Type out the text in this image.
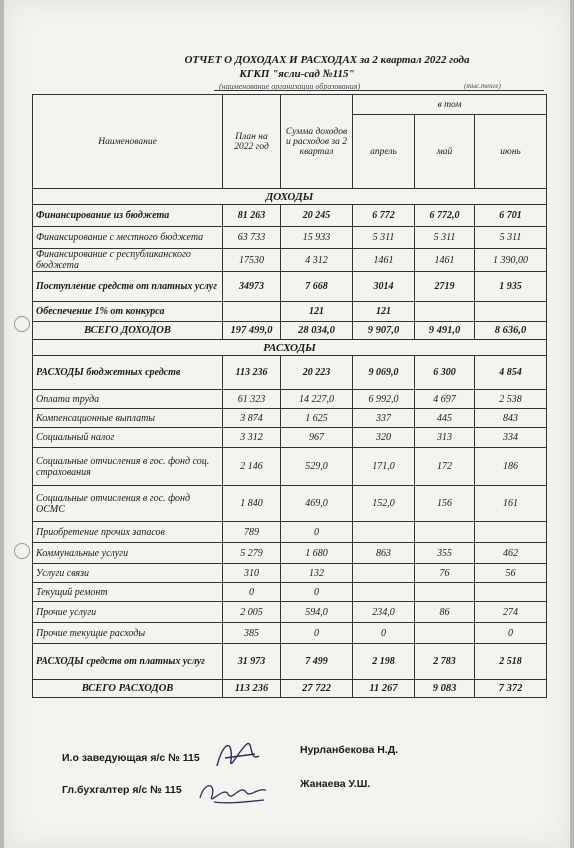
ОТЧЕТ О ДОХОДАХ И РАСХОДАХ за 2 квартал 2022 года
КГКП "ясли-сад №115"
(наименование организации образования)	(тыс.тенге)
Наименование	План на 2022 год	Сумма доходов и расходов за 2 квартал	в том		
			апрель	май	июнь
ДОХОДЫ					
Финансирование из бюджета	81 263	20 245	6 772	6 772,0	6 701
Финансирование с местного бюджета	63 733	15 933	5 311	5 311	5 311
Финансирование с республиканского бюджета	17530	4 312	1461	1461	1 390,00
Поступление средств от платных услуг	34973	7 668	3014	2719	1 935
Обеспечение 1% от конкурса		121	121		
ВСЕГО ДОХОДОВ	197 499,0	28 034,0	9 907,0	9 491,0	8 636,0
РАСХОДЫ					
РАСХОДЫ бюджетных средств	113 236	20 223	9 069,0	6 300	4 854
Оплата труда	61 323	14 227,0	6 992,0	4 697	2 538
Компенсационные выплаты	3 874	1 625	337	445	843
Социальный налог	3 312	967	320	313	334
Социальные отчисления в гос. фонд соц. страхования	2 146	529,0	171,0	172	186
Социальные отчисления в гос. фонд ОСМС	1 840	469,0	152,0	156	161
Приобретение прочих запасов	789	0			
Коммунальные услуги	5 279	1 680	863	355	462
Услуги связи	310	132		76	56
Текущий ремонт	0	0			
Прочие услуги	2 005	594,0	234,0	86	274
Прочие текущие расходы	385	0	0		0
РАСХОДЫ средств от платных услуг	31 973	7 499	2 198	2 783	2 518
ВСЕГО РАСХОДОВ	113 236	27 722	11 267	9 083	7 372
И.о заведующая я/с № 115
Нурланбекова Н.Д.
Гл.бухгалтер я/с № 115	Жанаева У.Ш.
